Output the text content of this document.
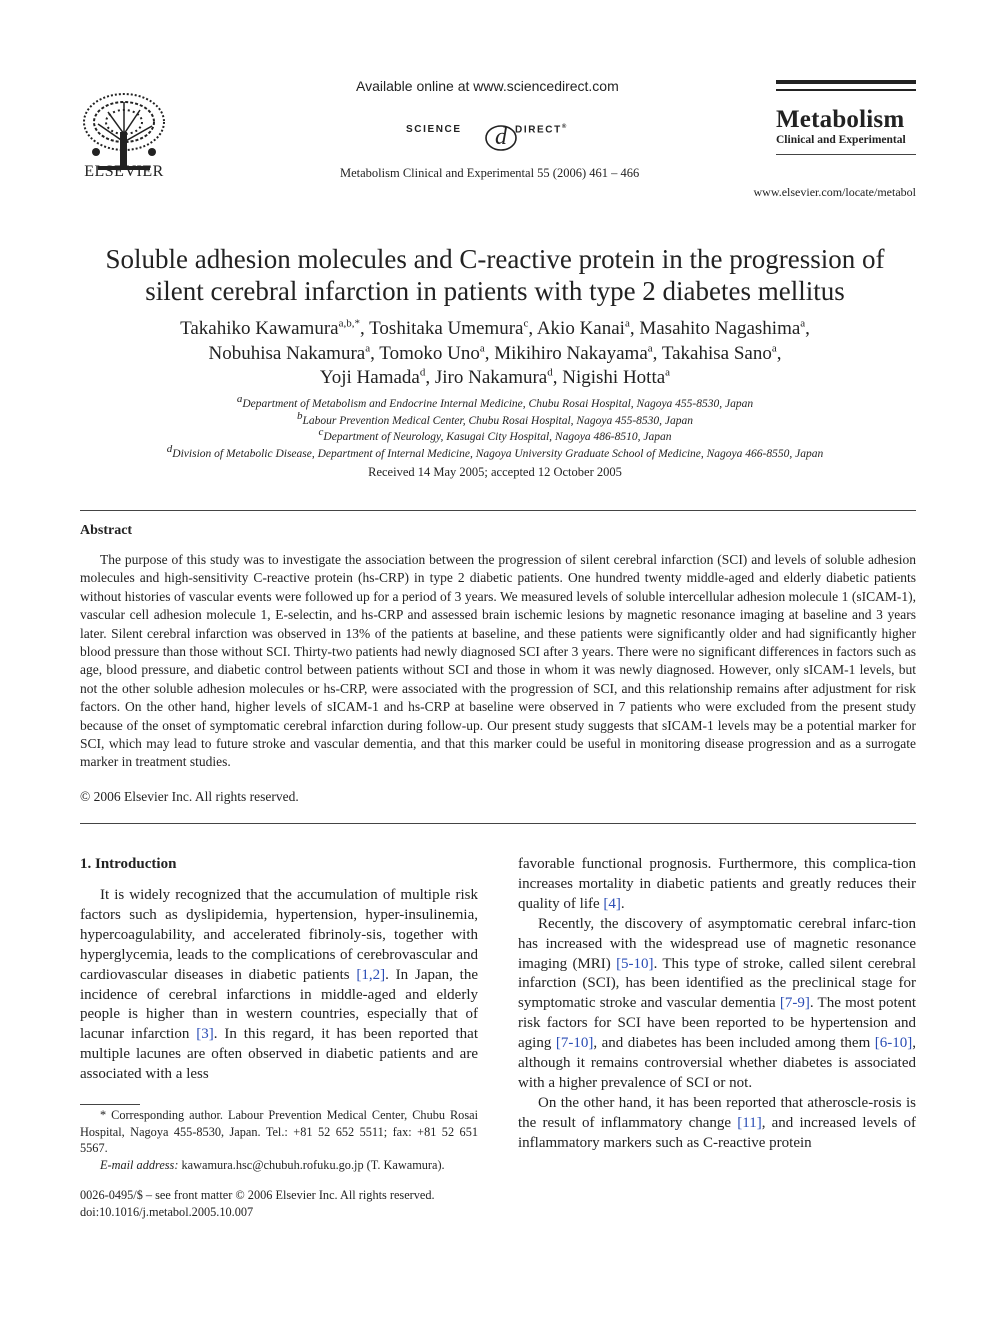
ELSEVIER
Available online at www.sciencedirect.com
SCIENCE d DIRECT®
Metabolism Clinical and Experimental 55 (2006) 461 – 466
Metabolism
Clinical and Experimental
www.elsevier.com/locate/metabol
Soluble adhesion molecules and C-reactive protein in the progression of
silent cerebral infarction in patients with type 2 diabetes mellitus
Takahiko Kawamura$^{a,b,*}$, Toshitaka Umemura$^c$, Akio Kanai$^a$, Masahito Nagashima$^a$,
Nobuhisa Nakamura$^a$, Tomoko Uno$^a$, Mikihiro Nakayama$^a$, Takahisa Sano$^a$,
Yoji Hamada$^d$, Jiro Nakamura$^d$, Nigishi Hotta$^a$
$^a$Department of Metabolism and Endocrine Internal Medicine, Chubu Rosai Hospital, Nagoya 455-8530, Japan
$^b$Labour Prevention Medical Center, Chubu Rosai Hospital, Nagoya 455-8530, Japan
$^c$Department of Neurology, Kasugai City Hospital, Nagoya 486-8510, Japan
$^d$Division of Metabolic Disease, Department of Internal Medicine, Nagoya University Graduate School of Medicine, Nagoya 466-8550, Japan
Received 14 May 2005; accepted 12 October 2005
Abstract
The purpose of this study was to investigate the association between the progression of silent cerebral infarction (SCI) and levels of soluble adhesion molecules and high-sensitivity C-reactive protein (hs-CRP) in type 2 diabetic patients. One hundred twenty middle-aged and elderly diabetic patients without histories of vascular events were followed up for a period of 3 years. We measured levels of soluble intercellular adhesion molecule 1 (sICAM-1), vascular cell adhesion molecule 1, E-selectin, and hs-CRP and assessed brain ischemic lesions by magnetic resonance imaging at baseline and 3 years later. Silent cerebral infarction was observed in 13% of the patients at baseline, and these patients were significantly older and had significantly higher blood pressure than those without SCI. Thirty-two patients had newly diagnosed SCI after 3 years. There were no significant differences in factors such as age, blood pressure, and diabetic control between patients without SCI and those in whom it was newly diagnosed. However, only sICAM-1 levels, but not the other soluble adhesion molecules or hs-CRP, were associated with the progression of SCI, and this relationship remains after adjustment for risk factors. On the other hand, higher levels of sICAM-1 and hs-CRP at baseline were observed in 7 patients who were excluded from the present study because of the onset of symptomatic cerebral infarction during follow-up. Our present study suggests that sICAM-1 levels may be a potential marker for SCI, which may lead to future stroke and vascular dementia, and that this marker could be useful in monitoring disease progression and as a surrogate marker in treatment studies.
© 2006 Elsevier Inc. All rights reserved.
1. Introduction

It is widely recognized that the accumulation of multiple risk factors such as dyslipidemia, hypertension, hyper-insulinemia, hypercoagulability, and accelerated fibrinoly-sis, together with hyperglycemia, leads to the complications of cerebrovascular and cardiovascular diseases in diabetic patients [1,2]. In Japan, the incidence of cerebral infarctions in middle-aged and elderly people is higher than in western countries, especially that of lacunar infarction [3]. In this regard, it has been reported that multiple lacunes are often observed in diabetic patients and are associated with a less

favorable functional prognosis. Furthermore, this complica-tion increases mortality in diabetic patients and greatly reduces their quality of life [4].

Recently, the discovery of asymptomatic cerebral infarc-tion has increased with the widespread use of magnetic resonance imaging (MRI) [5-10]. This type of stroke, called silent cerebral infarction (SCI), has been identified as the preclinical stage for symptomatic stroke and vascular dementia [7-9]. The most potent risk factors for SCI have been reported to be hypertension and aging [7-10], and diabetes has been included among them [6-10], although it remains controversial whether diabetes is associated with a higher prevalence of SCI or not.

On the other hand, it has been reported that atheroscle-rosis is the result of inflammatory change [11], and increased levels of inflammatory markers such as C-reactive protein

* Corresponding author. Labour Prevention Medical Center, Chubu Rosai Hospital, Nagoya 455-8530, Japan. Tel.: +81 52 652 5511; fax: +81 52 651 5567.

E-mail address: kawamura.hsc@chubuh.rofuku.go.jp (T. Kawamura).

0026-0495/$ – see front matter © 2006 Elsevier Inc. All rights reserved.
doi:10.1016/j.metabol.2005.10.007
